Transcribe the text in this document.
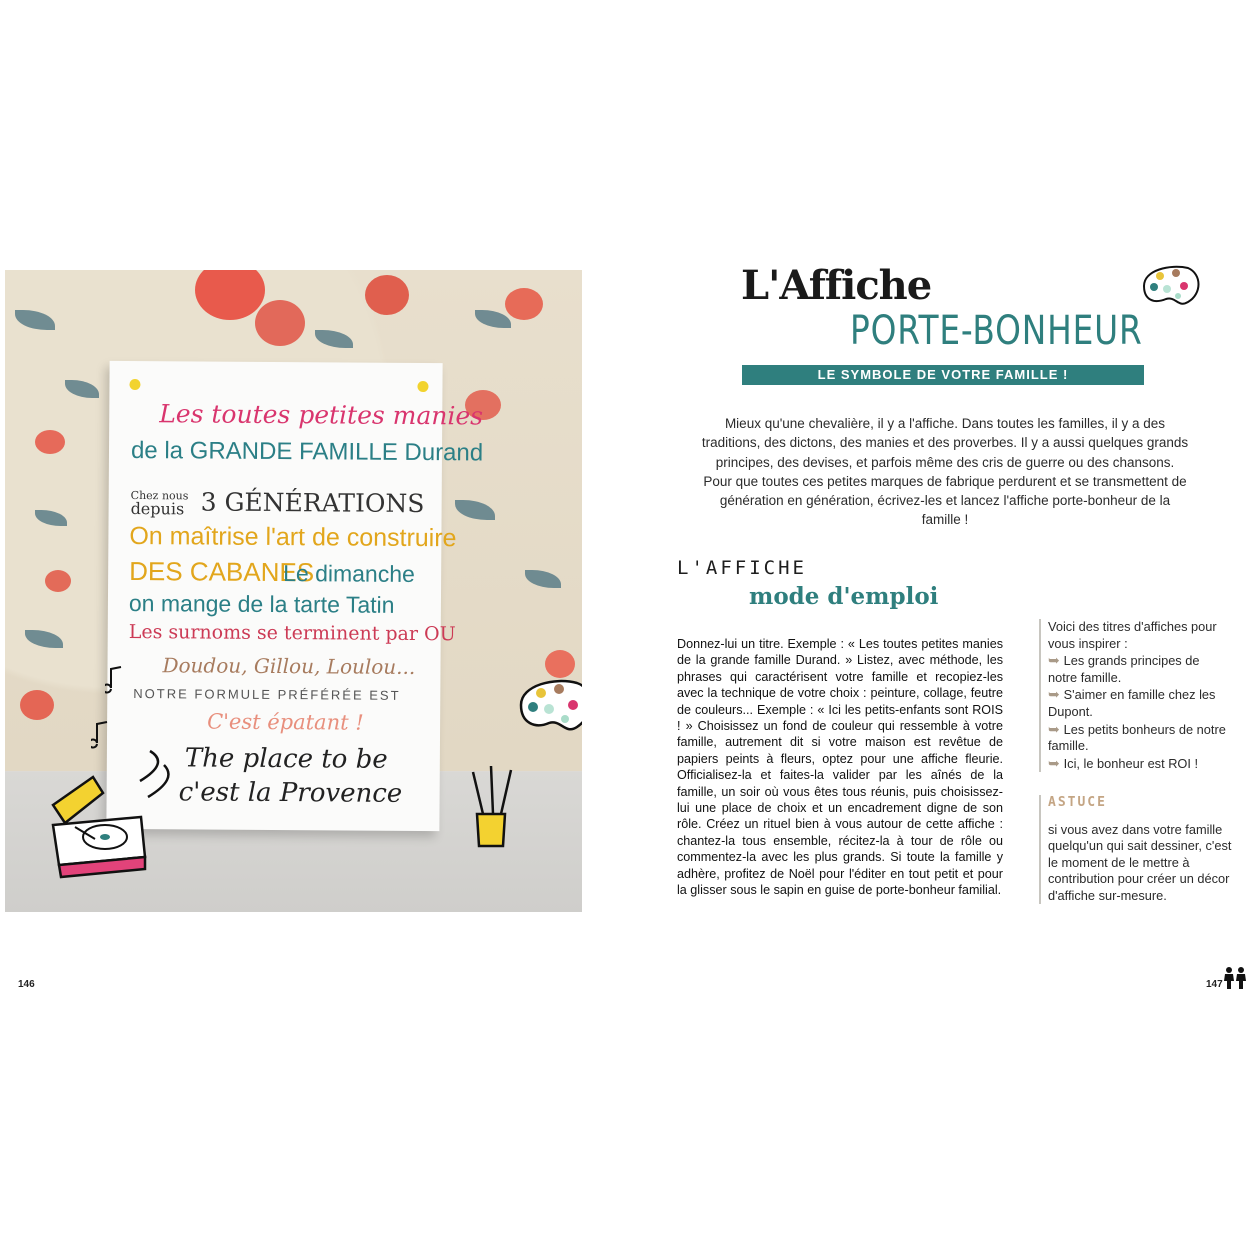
Les toutes petites manies
de la GRANDE FAMILLE Durand
Chez nous
depuis 3 GÉNÉRATIONS
On maîtrise l'art de construire
DES CABANES
Le dimanche
on mange de la tarte Tatin
Les surnoms se terminent par OU
Doudou, Gillou, Loulou...
NOTRE FORMULE PRÉFÉRÉE EST
C'est épatant !
The place to be
c'est la Provence
146
L'Affiche
PORTE-BONHEUR
LE SYMBOLE DE VOTRE FAMILLE !
Mieux qu'une chevalière, il y a l'affiche. Dans toutes les familles, il y a des traditions, des dictons, des manies et des proverbes. Il y a aussi quelques grands principes, des devises, et parfois même des cris de guerre ou des chansons. Pour que toutes ces petites marques de fabrique perdurent et se transmettent de génération en génération, écrivez-les et lancez l'affiche porte-bonheur de la famille !
L'AFFICHE
mode d'emploi
Donnez-lui un titre. Exemple : « Les toutes petites manies de la grande famille Durand. » Listez, avec méthode, les phrases qui caractérisent votre famille et recopiez-les avec la technique de votre choix : peinture, collage, feutre de couleurs... Exemple : « Ici les petits-enfants sont ROIS ! » Choisissez un fond de couleur qui ressemble à votre famille, autrement dit si votre maison est revêtue de papiers peints à fleurs, optez pour une affiche fleurie. Officialisez-la et faites-la valider par les aînés de la famille, un soir où vous êtes tous réunis, puis choisissez-lui une place de choix et un encadrement digne de son rôle. Créez un rituel bien à vous autour de cette affiche : chantez-la tous ensemble, récitez-la à tour de rôle ou commentez-la avec les plus grands. Si toute la famille y adhère, profitez de Noël pour l'éditer en tout petit et pour la glisser sous le sapin en guise de porte-bonheur familial.
Voici des titres d'affiches pour vous inspirer :
➥ Les grands principes de notre famille.
➥ S'aimer en famille chez les Dupont.
➥ Les petits bonheurs de notre famille.
➥ Ici, le bonheur est ROI !
ASTUCE
si vous avez dans votre famille quelqu'un qui sait dessiner, c'est le moment de le mettre à contribution pour créer un décor d'affiche sur-mesure.
147
